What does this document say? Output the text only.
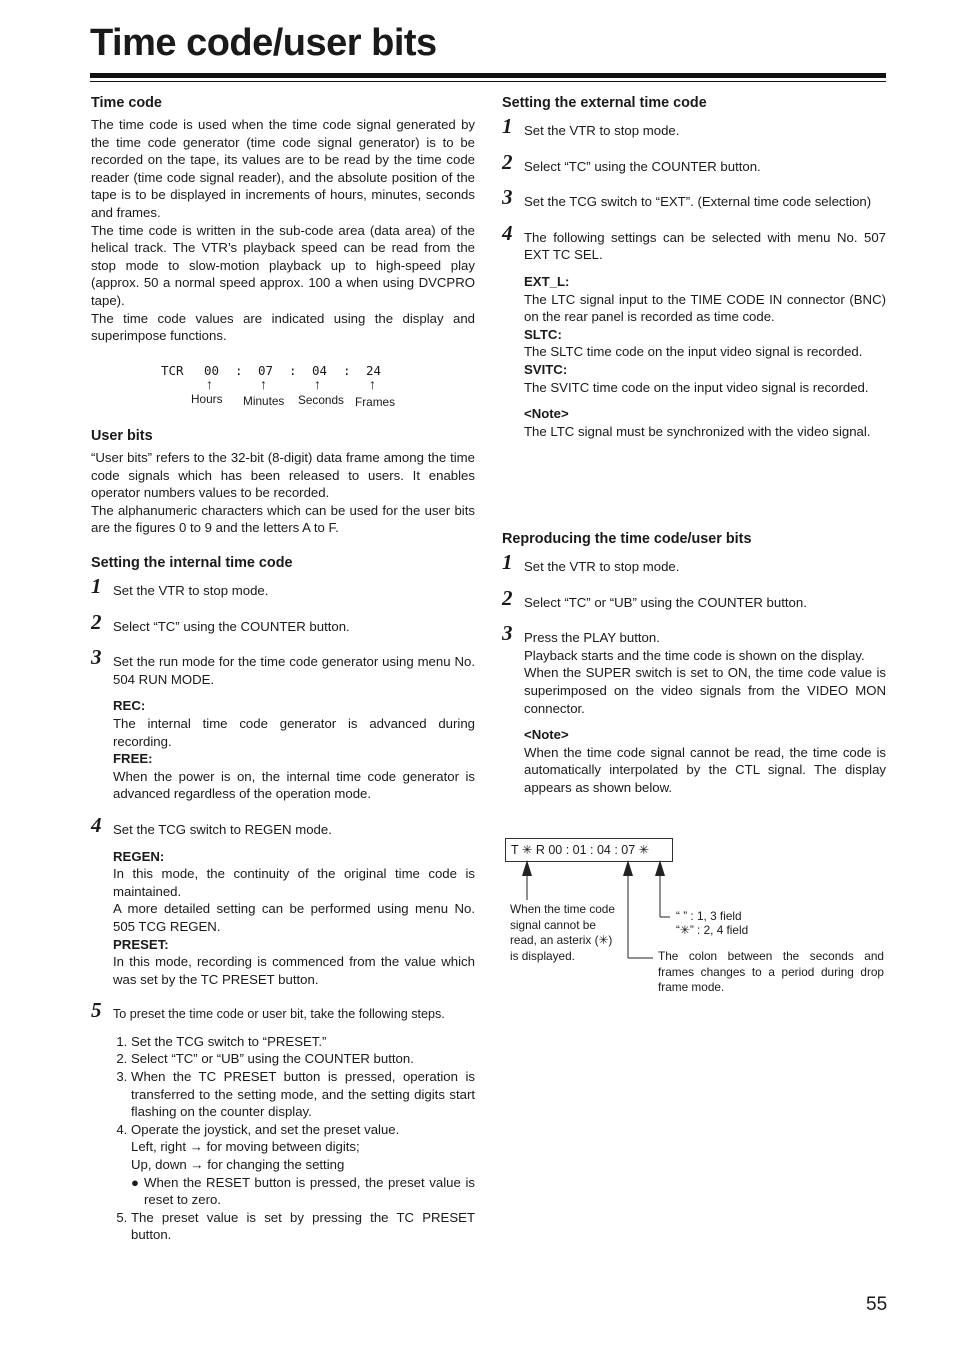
Time code/user bits
Time code

The time code is used when the time code signal generated by the time code generator (time code signal generator) is to be recorded on the tape, its values are to be read by the time code reader (time code signal reader), and the absolute position of the tape is to be displayed in increments of hours, minutes, seconds and frames.

The time code is written in the sub-code area (data area) of the helical track. The VTR’s playback speed can be read from the stop mode to slow-motion playback up to high-speed play (approx. 50 a normal speed approx. 100 a when using DVCPRO tape).

The time code values are indicated using the display and superimpose functions.

TCR 00 : 07 : 04 : 24
↑	↑	↑	↑
Hours Minutes Seconds Frames
User bits

“User bits” refers to the 32-bit (8-digit) data frame among the time code signals which has been released to users. It enables operator numbers values to be recorded.

The alphanumeric characters which can be used for the user bits are the figures 0 to 9 and the letters A to F.

Setting the internal time code
1 Set the VTR to stop mode.
2 Select “TC” using the COUNTER button.
3 Set the run mode for the time code generator using menu No. 504 RUN MODE.

REC:

The internal time code generator is advanced during recording.

FREE:

When the power is on, the internal time code generator is advanced regardless of the operation mode.

4 Set the TCG switch to REGEN mode.

REGEN:

In this mode, the continuity of the original time code is maintained.

A more detailed setting can be performed using menu No. 505 TCG REGEN.

PRESET:

In this mode, recording is commenced from the value which was set by the TC PRESET button.

5 To preset the time code or user bit, take the following steps.
1. Set the TCG switch to “PRESET.”
2. Select “TC” or “UB” using the COUNTER button.
3. When the TC PRESET button is pressed, operation is transferred to the setting mode, and the setting digits start flashing on the counter display.
4. Operate the joystick, and set the preset value.
Left, right → for moving between digits;
Up, down → for changing the setting
● When the RESET button is pressed, the preset value is reset to zero.
5. The preset value is set by pressing the TC PRESET button.
Setting the external time code
1 Set the VTR to stop mode.
2 Select “TC” using the COUNTER button.
3 Set the TCG switch to “EXT”. (External time code selection)
4 The following settings can be selected with menu No. 507 EXT TC SEL.

EXT_L:

The LTC signal input to the TIME CODE IN connector (BNC) on the rear panel is recorded as time code.

SLTC:

The SLTC time code on the input video signal is recorded.

SVITC:

The SVITC time code on the input video signal is recorded.

<Note>

The LTC signal must be synchronized with the video signal.

Reproducing the time code/user bits
1 Set the VTR to stop mode.
2 Select “TC” or “UB” using the COUNTER button.
3 Press the PLAY button.

Playback starts and the time code is shown on the display.

When the SUPER switch is set to ON, the time code value is superimposed on the video signals from the VIDEO MON connector.

<Note>

When the time code signal cannot be read, the time code is automatically interpolated by the CTL signal. The display appears as shown below.

T ✳ R 00 : 01 : 04 : 07 ✳
When the time code signal cannot be read, an asterix (✳) is displayed.
“ ” : 1, 3 field
“✳” : 2, 4 field
The colon between the seconds and frames changes to a period during drop frame mode.
55
